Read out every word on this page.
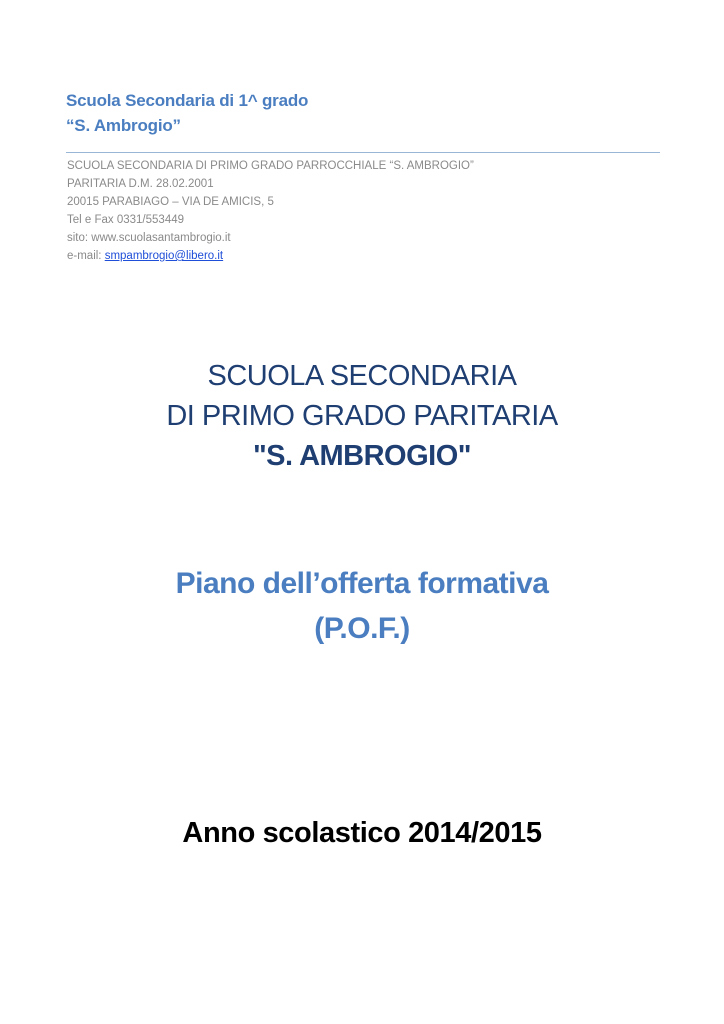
Scuola Secondaria di 1^ grado
“S. Ambrogio”
SCUOLA SECONDARIA DI PRIMO GRADO PARROCCHIALE “S. AMBROGIO”
PARITARIA D.M. 28.02.2001
20015 PARABIAGO – VIA DE AMICIS, 5
Tel e Fax 0331/553449
sito: www.scuolasantambrogio.it
e-mail: smpambrogio@libero.it
SCUOLA SECONDARIA
DI PRIMO GRADO PARITARIA
"S. AMBROGIO"
Piano dell’offerta formativa
(P.O.F.)
Anno scolastico 2014/2015
